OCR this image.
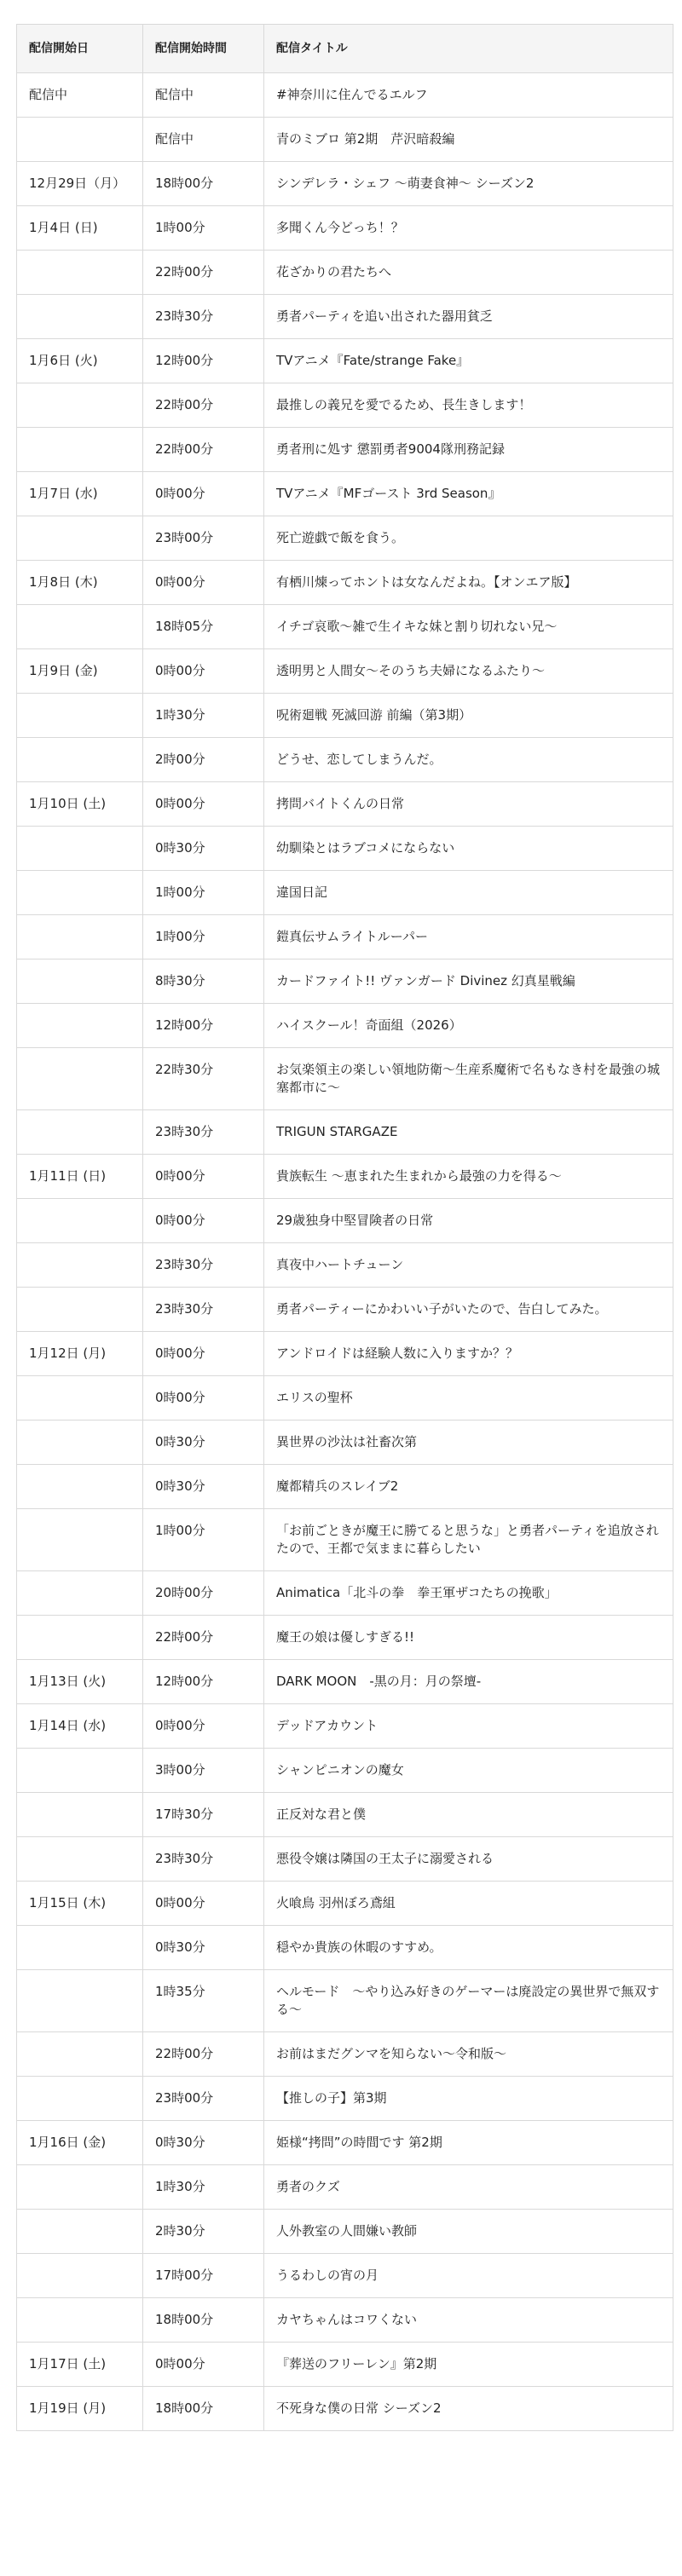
配信開始日	配信開始時間	配信タイトル
配信中	配信中	#神奈川に住んでるエルフ
	配信中	青のミブロ 第2期　芹沢暗殺編
12月29日（月）	18時00分	シンデレラ・シェフ ～萌妻食神～ シーズン2
1月4日 (日)	1時00分	多聞くん今どっち！？
	22時00分	花ざかりの君たちへ
	23時30分	勇者パーティを追い出された器用貧乏
1月6日 (火)	12時00分	TVアニメ『Fate/strange Fake』
	22時00分	最推しの義兄を愛でるため、長生きします！
	22時00分	勇者刑に処す 懲罰勇者9004隊刑務記録
1月7日 (水)	0時00分	TVアニメ『MFゴースト 3rd Season』
	23時00分	死亡遊戯で飯を食う。
1月8日 (木)	0時00分	有栖川煉ってホントは女なんだよね。【オンエア版】
	18時05分	イチゴ哀歌～雑で生イキな妹と割り切れない兄～
1月9日 (金)	0時00分	透明男と人間女～そのうち夫婦になるふたり～
	1時30分	呪術廻戦 死滅回游 前編（第3期）
	2時00分	どうせ、恋してしまうんだ。
1月10日 (土)	0時00分	拷問バイトくんの日常
	0時30分	幼馴染とはラブコメにならない
	1時00分	違国日記
	1時00分	鎧真伝サムライトルーパー
	8時30分	カードファイト!! ヴァンガード Divinez 幻真星戦編
	12時00分	ハイスクール！奇面組（2026）
	22時30分	お気楽領主の楽しい領地防衛～生産系魔術で名もなき村を最強の城塞都市に～
	23時30分	TRIGUN STARGAZE
1月11日 (日)	0時00分	貴族転生 ～恵まれた生まれから最強の力を得る～
	0時00分	29歳独身中堅冒険者の日常
	23時30分	真夜中ハートチューン
	23時30分	勇者パーティーにかわいい子がいたので、告白してみた。
1月12日 (月)	0時00分	アンドロイドは経験人数に入りますか？？
	0時00分	エリスの聖杯
	0時30分	異世界の沙汰は社畜次第
	0時30分	魔都精兵のスレイブ2
	1時00分	「お前ごときが魔王に勝てると思うな」と勇者パーティを追放されたので、王都で気ままに暮らしたい
	20時00分	Animatica「北斗の拳　拳王軍ザコたちの挽歌」
	22時00分	魔王の娘は優しすぎる!!
1月13日 (火)	12時00分	DARK MOON　-黒の月：月の祭壇-
1月14日 (水)	0時00分	デッドアカウント
	3時00分	シャンピニオンの魔女
	17時30分	正反対な君と僕
	23時30分	悪役令嬢は隣国の王太子に溺愛される
1月15日 (木)	0時00分	火喰鳥 羽州ぼろ鳶組
	0時30分	穏やか貴族の休暇のすすめ。
	1時35分	ヘルモード　～やり込み好きのゲーマーは廃設定の異世界で無双する～
	22時00分	お前はまだグンマを知らない～令和版～
	23時00分	【推しの子】第3期
1月16日 (金)	0時30分	姫様“拷問”の時間です 第2期
	1時30分	勇者のクズ
	2時30分	人外教室の人間嫌い教師
	17時00分	うるわしの宵の月
	18時00分	カヤちゃんはコワくない
1月17日 (土)	0時00分	『葬送のフリーレン』第2期
1月19日 (月)	18時00分	不死身な僕の日常 シーズン2
